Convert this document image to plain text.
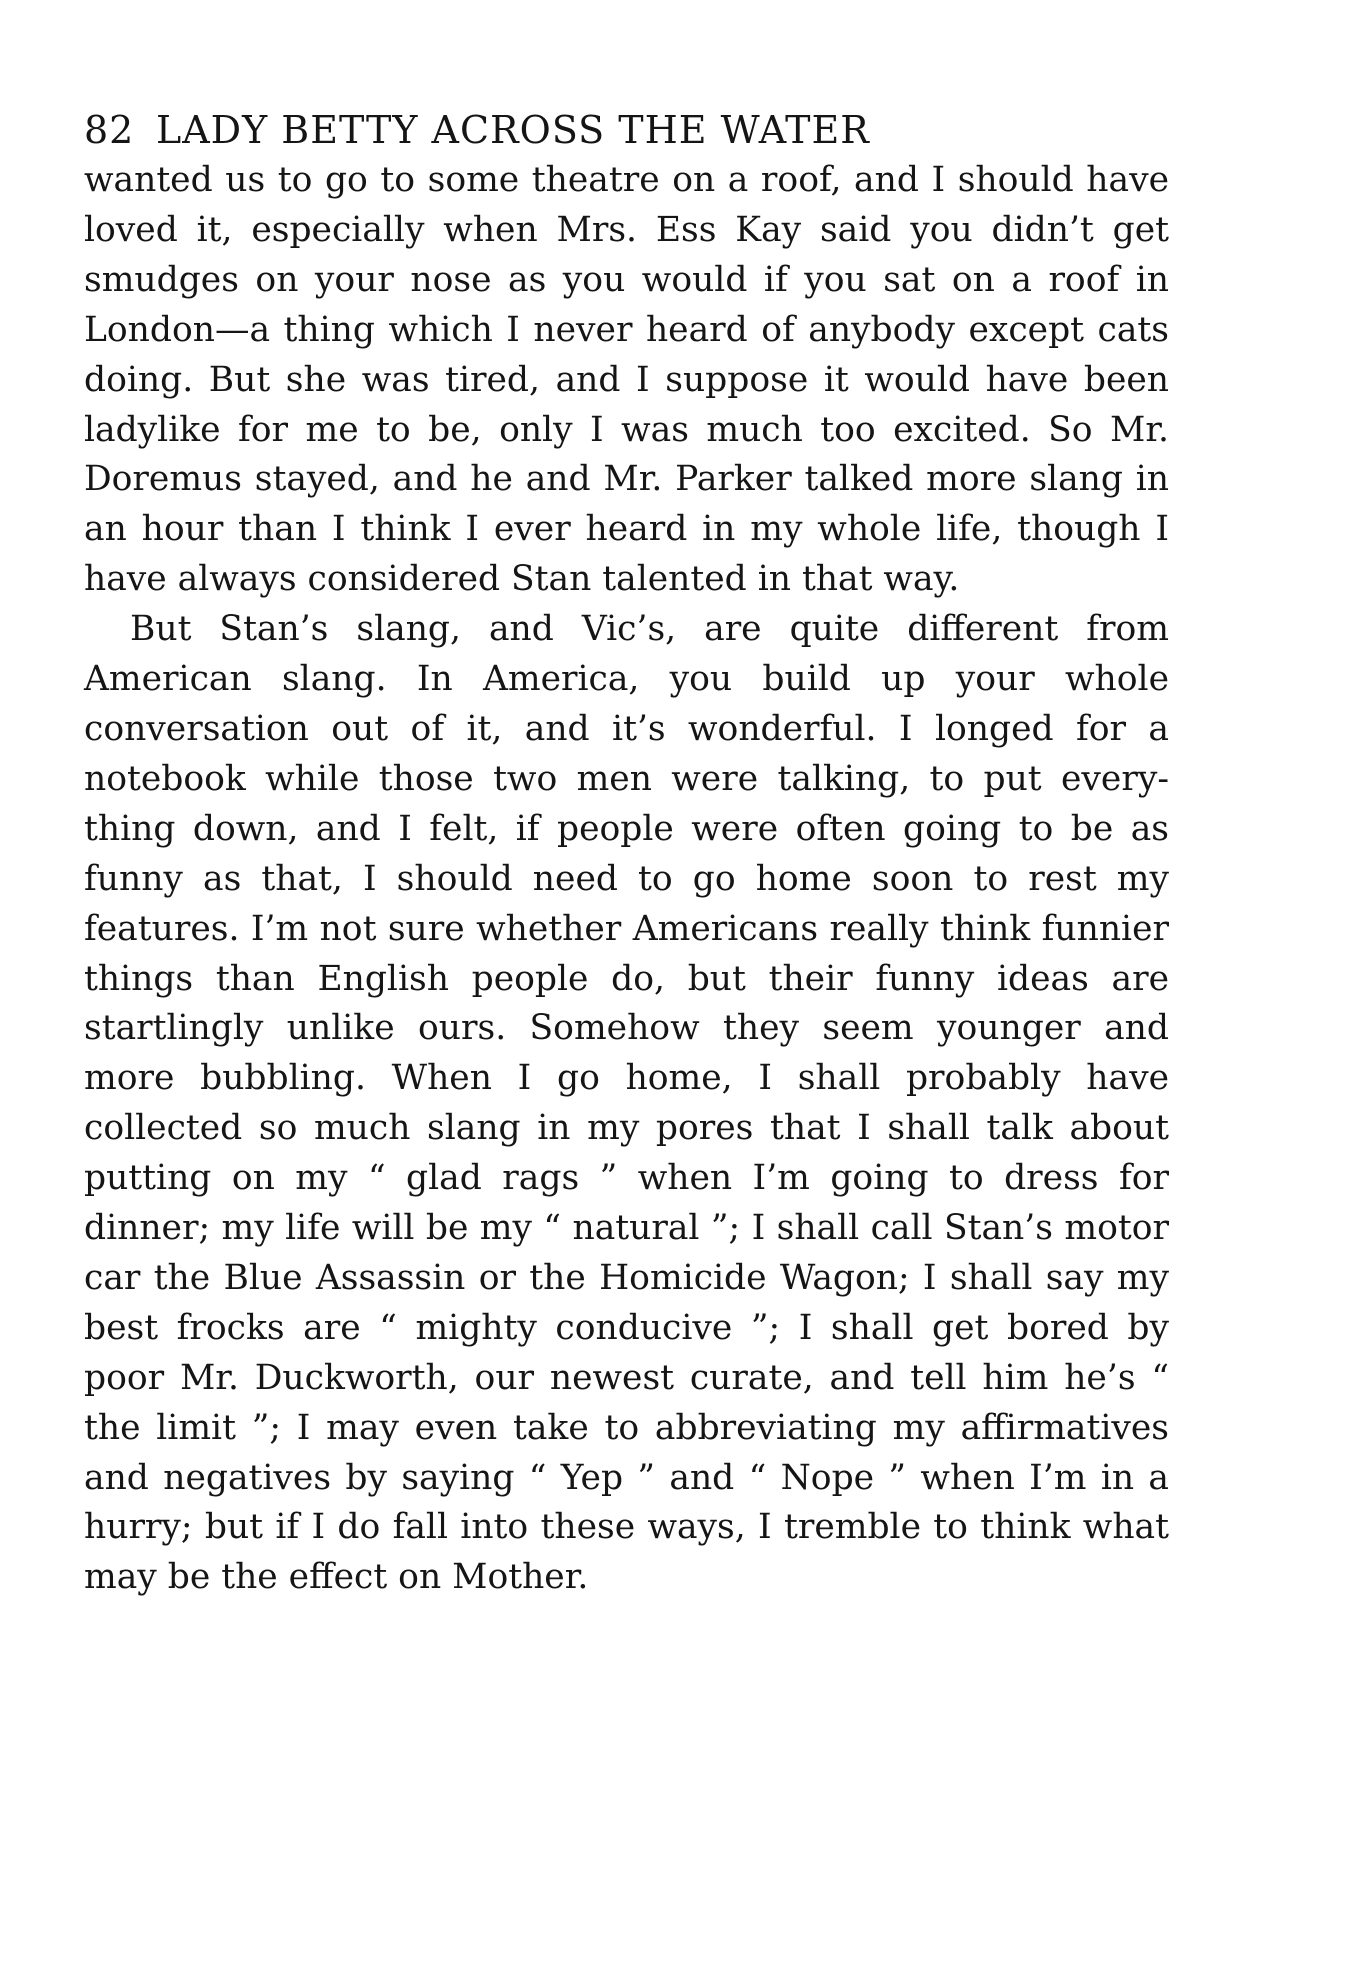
82 LADY BETTY ACROSS THE WATER

wanted us to go to some theatre on a roof, and I should have loved it, especially when Mrs. Ess Kay said you didn’t get smudges on your nose as you would if you sat on a roof in London—a thing which I never heard of anybody except cats doing. But she was tired, and I suppose it would have been ladylike for me to be, only I was much too excited. So Mr. Doremus stayed, and he and Mr. Parker talked more slang in an hour than I think I ever heard in my whole life, though I have always considered Stan talented in that way.

But Stan’s slang, and Vic’s, are quite different from American slang. In America, you build up your whole conversation out of it, and it’s wonderful. I longed for a notebook while those two men were talking, to put everything down, and I felt, if people were often going to be as funny as that, I should need to go home soon to rest my features. I’m not sure whether Americans really think funnier things than English people do, but their funny ideas are startlingly unlike ours. Somehow they seem younger and more bubbling. When I go home, I shall probably have collected so much slang in my pores that I shall talk about putting on my “ glad rags ” when I’m going to dress for dinner; my life will be my “ natural ”; I shall call Stan’s motor car the Blue Assassin or the Homicide Wagon; I shall say my best frocks are “ mighty conducive ”; I shall get bored by poor Mr. Duckworth, our newest curate, and tell him he’s “ the limit ”; I may even take to abbreviating my affirmatives and negatives by saying “ Yep ” and “ Nope ” when I’m in a hurry; but if I do fall into these ways, I tremble to think what may be the effect on Mother.
